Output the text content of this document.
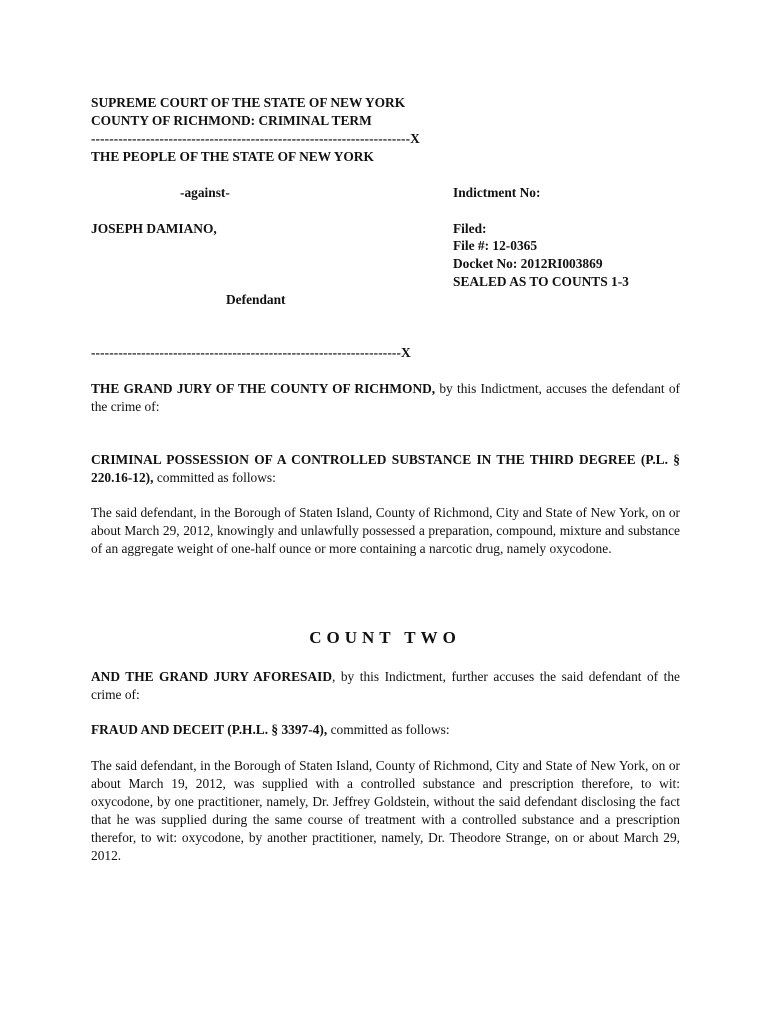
SUPREME COURT OF THE STATE OF NEW YORK
COUNTY OF RICHMOND: CRIMINAL TERM
----------------------------------------------------------------------X
THE PEOPLE OF THE STATE OF NEW YORK
-against-
JOSEPH DAMIANO,
Defendant
Indictment No:
Filed:
File #: 12-0365
Docket No: 2012RI003869
SEALED AS TO COUNTS 1-3
--------------------------------------------------------------------X
THE GRAND JURY OF THE COUNTY OF RICHMOND, by this Indictment, accuses the defendant of the crime of:
CRIMINAL POSSESSION OF A CONTROLLED SUBSTANCE IN THE THIRD DEGREE (P.L. § 220.16-12), committed as follows:
The said defendant, in the Borough of Staten Island, County of Richmond, City and State of New York, on or about March 29, 2012, knowingly and unlawfully possessed a preparation, compound, mixture and substance of an aggregate weight of one-half ounce or more containing a narcotic drug, namely oxycodone.
COUNT TWO
AND THE GRAND JURY AFORESAID, by this Indictment, further accuses the said defendant of the crime of:
FRAUD AND DECEIT (P.H.L. § 3397-4), committed as follows:
The said defendant, in the Borough of Staten Island, County of Richmond, City and State of New York, on or about March 19, 2012, was supplied with a controlled substance and prescription therefore, to wit: oxycodone, by one practitioner, namely, Dr. Jeffrey Goldstein, without the said defendant disclosing the fact that he was supplied during the same course of treatment with a controlled substance and a prescription therefor, to wit: oxycodone, by another practitioner, namely, Dr. Theodore Strange, on or about March 29, 2012.
